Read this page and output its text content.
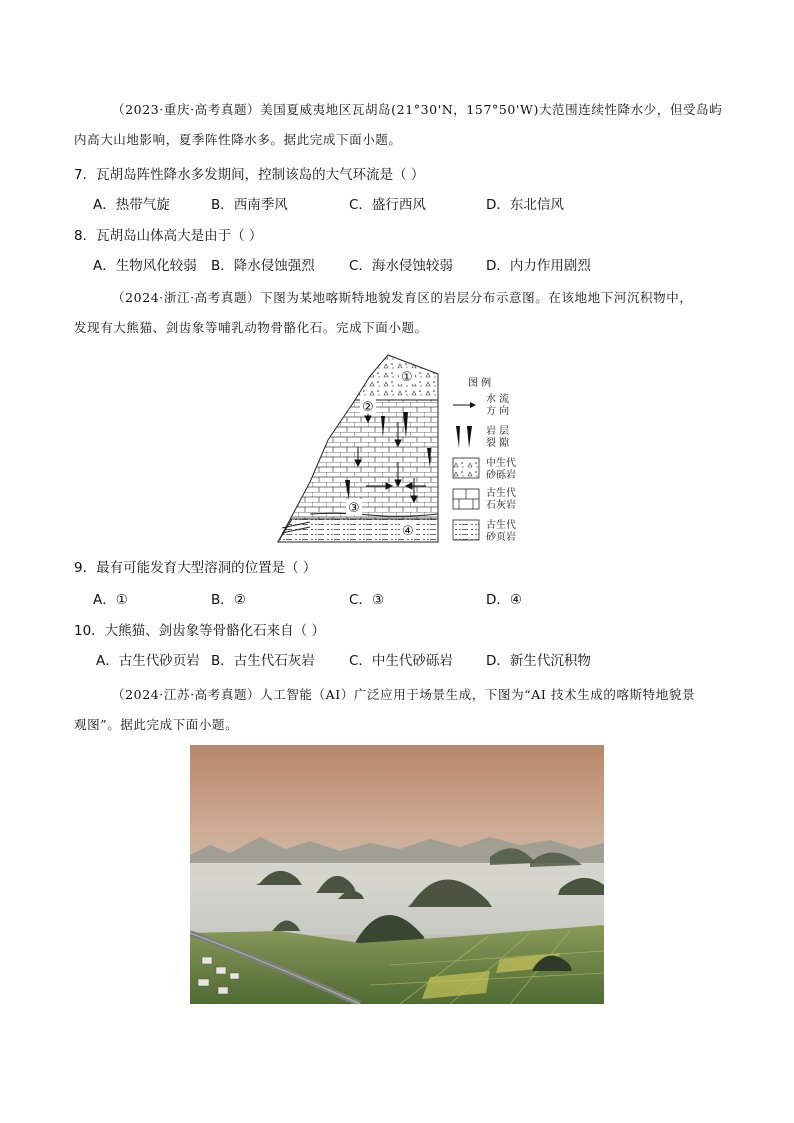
（2023·重庆·高考真题）美国夏威夷地区瓦胡岛(21°30'N，157°50'W)大范围连续性降水少，但受岛屿
内高大山地影响，夏季阵性降水多。据此完成下面小题。
7．瓦胡岛阵性降水多发期间，控制该岛的大气环流是（ ）
A．热带气旋	B．西南季风	C．盛行西风	D．东北信风
8．瓦胡岛山体高大是由于（ ）
A．生物风化较弱 B．降水侵蚀强烈	C．海水侵蚀较弱 D．内力作用剧烈
（2024·浙江·高考真题）下图为某地喀斯特地貌发育区的岩层分布示意图。在该地地下河沉积物中，
发现有大熊猫、剑齿象等哺乳动物骨骼化石。完成下面小题。
①
②
③
④
图 例
水 流
方 向
岩 层
裂 隙
中生代
砂砾岩
古生代
石灰岩
古生代
砂页岩
9．最有可能发育大型溶洞的位置是（ ）
A．①	B．②	C．③	D．④
10．大熊猫、剑齿象等骨骼化石来自（ ）
A．古生代砂页岩 B．古生代石灰岩	C．中生代砂砾岩 D．新生代沉积物
（2024·江苏·高考真题）人工智能（AI）广泛应用于场景生成，下图为“AI 技术生成的喀斯特地貌景
观图”。据此完成下面小题。
